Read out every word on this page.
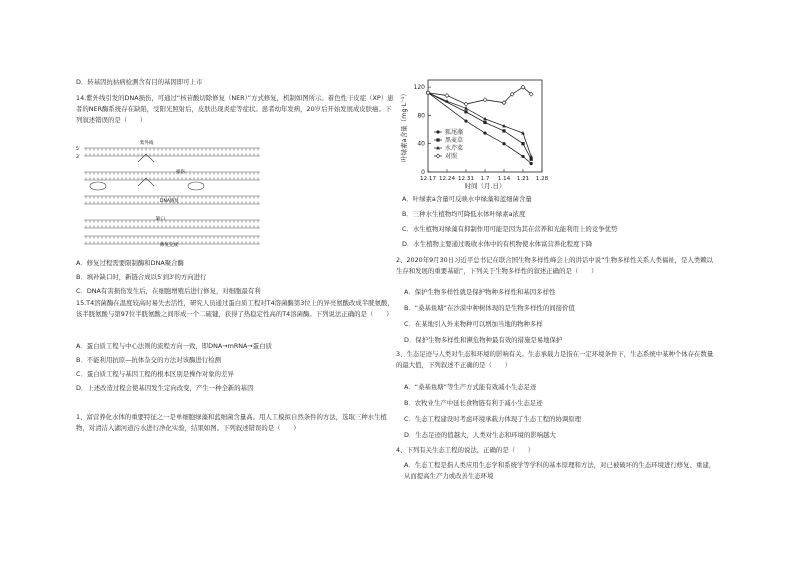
D．转基因抗枯病检测含有目的基因即可上市
14.紫外线引发的DNA损伤，可通过“核苷酸切除修复（NER）”方式修复，机制如图所示。着色性干皮症（XP）患者的NER酶系统存在缺陷，受阳光照射后，皮肤出现炎症等症状。患者幼年发病，20岁后开始发展成皮肤癌。下列叙述错误的是（　　）
5′
3′
紫外线
损伤
DNA修复
缺口
修复完成
A．修复过程需要限制酶和DNA聚合酶
B．填补缺口时，新链合成以5′到3′的方向进行
C．DNA有害损伤发生后，在细胞增殖后进行修复，对细胞最有利
15.T4溶菌酶在温度较高时易失去活性，研究人员通过蛋白质工程对T4溶菌酶第3位上的异亮氨酸改成半胱氨酸，该半胱氨酸与第97位半胱氨酸之间形成一个二硫键，获得了热稳定性高的T4溶菌酶。下列说法正确的是（　　）
A．蛋白质工程与中心法则的流程方向一致，即DNA→mRNA→蛋白质
B．不能利用抗原—抗体杂交的方法对该酶进行检测
C．蛋白质工程与基因工程的根本区别是操作对象的差异
D．上述改造过程会使基因发生定向改变，产生一种全新的基因
1、富营养化水体的重要特征之一是单细胞绿藻和蓝细菌含量高。用人工模拟自然条件的方法，选取三种水生植物，对清洁入湖河道污水进行净化实验，结果如图。下列叙述错误的是（　　）
0
40
80
120
12.17 12.24 12.31 1.7 1.14 1.21 1.28
叶绿素a含量（mg·L⁻¹）
时间（月.日）
狐尾藻
黑麦草
水芹菜
对照
A．叶绿素a含量可反映水中绿藻和蓝细菌含量
B．三种水生植物均可降低水体叶绿素a浓度
C．水生植物对绿藻有抑制作用可能是因为其在营养和光能利用上的竞争优势
D．水生植物主要通过吸收水体中的有机物使水体富营养化程度下降
2、2020年9月30日习近平总书记在联合国生物多样性峰会上的讲话中说“生物多样性关系人类福祉，是人类赖以生存和发展的重要基础”，下列关于生物多样性的叙述正确的是（　　）
A．保护生物多样性就是保护物种多样性和基因多样性
B．“桑基鱼塘”在沙漠中种树体现的是生物多样性的间接价值
C．在某地引入外来物种可以增加当地的物种多样
D．保护生物多样性和濒危物种最有效的措施是易地保护
3、生态足迹与人类对生态和环境的影响有关。生态承载力是指在一定环境条件下，生态系统中某种个体存在数量的最大值，下列叙述不正确的是（　　）
A．“桑基鱼塘”等生产方式能有效减小生态足迹
B．农牧业生产中延长食物链有利于减小生态足迹
C．生态工程建设时考虑环境承载力体现了生态工程的协调原理
D．生态足迹的值越大，人类对生态和环境的影响越大
4、下列有关生态工程的说法，正确的是（　　）
A．生态工程是指人类应用生态学和系统学等学科的基本原理和方法，对已被破坏的生态环境进行修复、重建，从而提高生产力或改善生态环境
